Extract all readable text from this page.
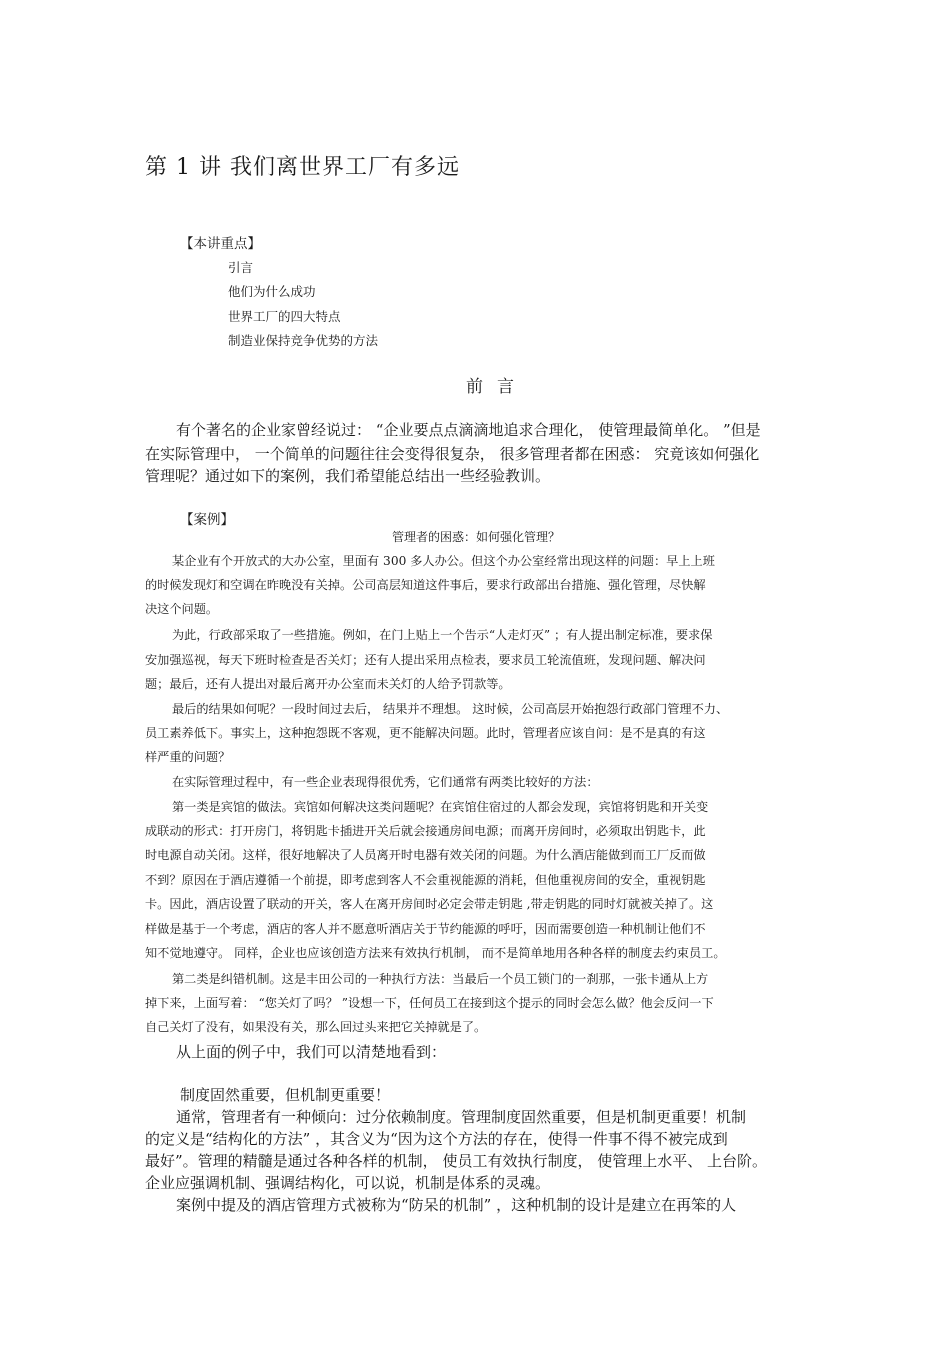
第 1 讲 我们离世界工厂有多远
【本讲重点】
引言
他们为什么成功
世界工厂的四大特点
制造业保持竞争优势的方法
前言
有个著名的企业家曾经说过： “企业要点点滴滴地追求合理化， 使管理最简单化。 ”但是
在实际管理中， 一个简单的问题往往会变得很复杂， 很多管理者都在困惑： 究竟该如何强化
管理呢？通过如下的案例，我们希望能总结出一些经验教训。
【案例】
管理者的困惑：如何强化管理？
某企业有个开放式的大办公室，里面有 300 多人办公。但这个办公室经常出现这样的问题：早上上班
的时候发现灯和空调在昨晚没有关掉。公司高层知道这件事后，要求行政部出台措施、强化管理，尽快解
决这个问题。
为此，行政部采取了一些措施。例如，在门上贴上一个告示“人走灯灭” ；有人提出制定标准，要求保
安加强巡视，每天下班时检查是否关灯；还有人提出采用点检表，要求员工轮流值班，发现问题、解决问
题；最后，还有人提出对最后离开办公室而未关灯的人给予罚款等。
最后的结果如何呢？一段时间过去后， 结果并不理想。 这时候，公司高层开始抱怨行政部门管理不力、
员工素养低下。事实上，这种抱怨既不客观，更不能解决问题。此时，管理者应该自问：是不是真的有这
样严重的问题？
在实际管理过程中，有一些企业表现得很优秀，它们通常有两类比较好的方法：
第一类是宾馆的做法。宾馆如何解决这类问题呢？在宾馆住宿过的人都会发现，宾馆将钥匙和开关变
成联动的形式：打开房门，将钥匙卡插进开关后就会接通房间电源；而离开房间时，必须取出钥匙卡，此
时电源自动关闭。这样，很好地解决了人员离开时电器有效关闭的问题。为什么酒店能做到而工厂反而做
不到？原因在于酒店遵循一个前提，即考虑到客人不会重视能源的消耗，但他重视房间的安全，重视钥匙
卡。因此，酒店设置了联动的开关，客人在离开房间时必定会带走钥匙 ,带走钥匙的同时灯就被关掉了。这
样做是基于一个考虑，酒店的客人并不愿意听酒店关于节约能源的呼吁，因而需要创造一种机制让他们不
知不觉地遵守。 同样，企业也应该创造方法来有效执行机制， 而不是简单地用各种各样的制度去约束员工。
第二类是纠错机制。这是丰田公司的一种执行方法：当最后一个员工锁门的一刹那，一张卡通从上方
掉下来，上面写着： “您关灯了吗？ ”设想一下，任何员工在接到这个提示的同时会怎么做？他会反问一下
自己关灯了没有，如果没有关，那么回过头来把它关掉就是了。
从上面的例子中，我们可以清楚地看到：
制度固然重要，但机制更重要！
通常，管理者有一种倾向：过分依赖制度。管理制度固然重要，但是机制更重要！机制
的定义是“结构化的方法” ，其含义为“因为这个方法的存在，使得一件事不得不被完成到
最好”。管理的精髓是通过各种各样的机制， 使员工有效执行制度， 使管理上水平、 上台阶。
企业应强调机制、强调结构化，可以说，机制是体系的灵魂。
案例中提及的酒店管理方式被称为“防呆的机制” ，这种机制的设计是建立在再笨的人
